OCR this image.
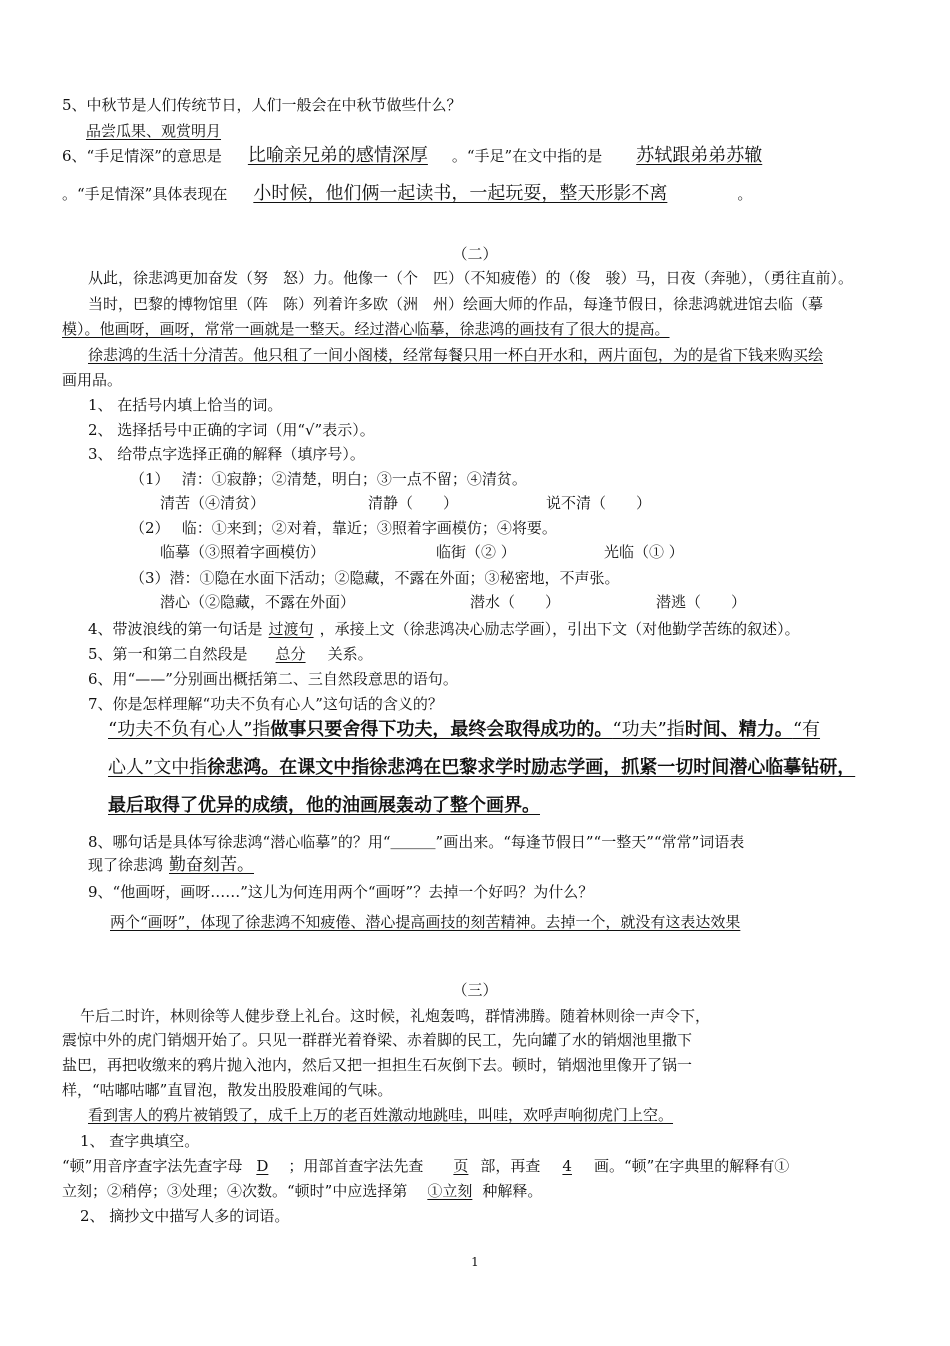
5、中秋节是人们传统节日，人们一般会在中秋节做些什么？
品尝瓜果、观赏明月
6、“手足情深”的意思是 比喻亲兄弟的感情深厚 。“手足”在文中指的是 苏轼跟弟弟苏辙
。“手足情深”具体表现在 小时候，他们俩一起读书，一起玩耍，整天形影不离	。
（二）
从此，徐悲鸿更加奋发（努　怒）力。他像一（个　匹）（不知疲倦）的（俊　骏）马，日夜（奔驰），（勇往直前）。
当时，巴黎的博物馆里（阵　陈）列着许多欧（洲　州）绘画大师的作品，每逢节假日，徐悲鸿就进馆去临（摹
模）。他画呀，画呀，常常一画就是一整天。经过潜心临摹，徐悲鸿的画技有了很大的提高。
徐悲鸿的生活十分清苦。他只租了一间小阁楼，经常每餐只用一杯白开水和，两片面包，为的是省下钱来购买绘
画用品。
1、 在括号内填上恰当的词。
2、 选择括号中正确的字词（用“√”表示）。
3、 给带点字选择正确的解释（填序号）。
（1）　 清：①寂静；②清楚，明白；③一点不留；④清贫。
清苦（④清贫）	清静（　　）	说不清（　　）
（2）　 临：①来到；②对着，靠近；③照着字画模仿；④将要。
临摹（③照着字画模仿）	临街（② ）	光临（① ）
（3）潜：①隐在水面下活动；②隐藏，不露在外面；③秘密地，不声张。
潜心（②隐藏，不露在外面）	潜水（　　）	潜逃（　　）
4、带波浪线的第一句话是 过渡句 ，承接上文（徐悲鸿决心励志学画），引出下文（对他勤学苦练的叙述）。
5、第一和第二自然段是 总分 关系。
6、用“——”分别画出概括第二、三自然段意思的语句。
7、你是怎样理解“功夫不负有心人”这句话的含义的？
“功夫不负有心人”指做事只要舍得下功夫，最终会取得成功的。“功夫”指时间、精力。“有
心人”文中指徐悲鸿。在课文中指徐悲鸿在巴黎求学时励志学画，抓紧一切时间潜心临摹钻研，
最后取得了优异的成绩，他的油画展轰动了整个画界。
8、哪句话是具体写徐悲鸿“潜心临摹”的？用“＿＿＿”画出来。“每逢节假日”“一整天”“常常”词语表
现了徐悲鸿 勤奋刻苦。
9、“他画呀，画呀……”这儿为何连用两个“画呀”？去掉一个好吗？为什么？
两个“画呀”，体现了徐悲鸿不知疲倦、潜心提高画技的刻苦精神。去掉一个，就没有这表达效果
（三）
午后二时许，林则徐等人健步登上礼台。这时候，礼炮轰鸣，群情沸腾。随着林则徐一声令下，
震惊中外的虎门销烟开始了。只见一群群光着脊梁、赤着脚的民工，先向罐了水的销烟池里撒下
盐巴，再把收缴来的鸦片抛入池内，然后又把一担担生石灰倒下去。顿时，销烟池里像开了锅一
样，“咕嘟咕嘟”直冒泡，散发出股股难闻的气味。
看到害人的鸦片被销毁了，成千上万的老百姓激动地跳哇，叫哇，欢呼声响彻虎门上空。
1、 查字典填空。
“顿”用音序查字法先查字母 D ；用部首查字法先查 页 部，再查 4 画。“顿”在字典里的解释有①
立刻；②稍停；③处理；④次数。“顿时”中应选择第 ①立刻 种解释。
2、 摘抄文中描写人多的词语。
1
